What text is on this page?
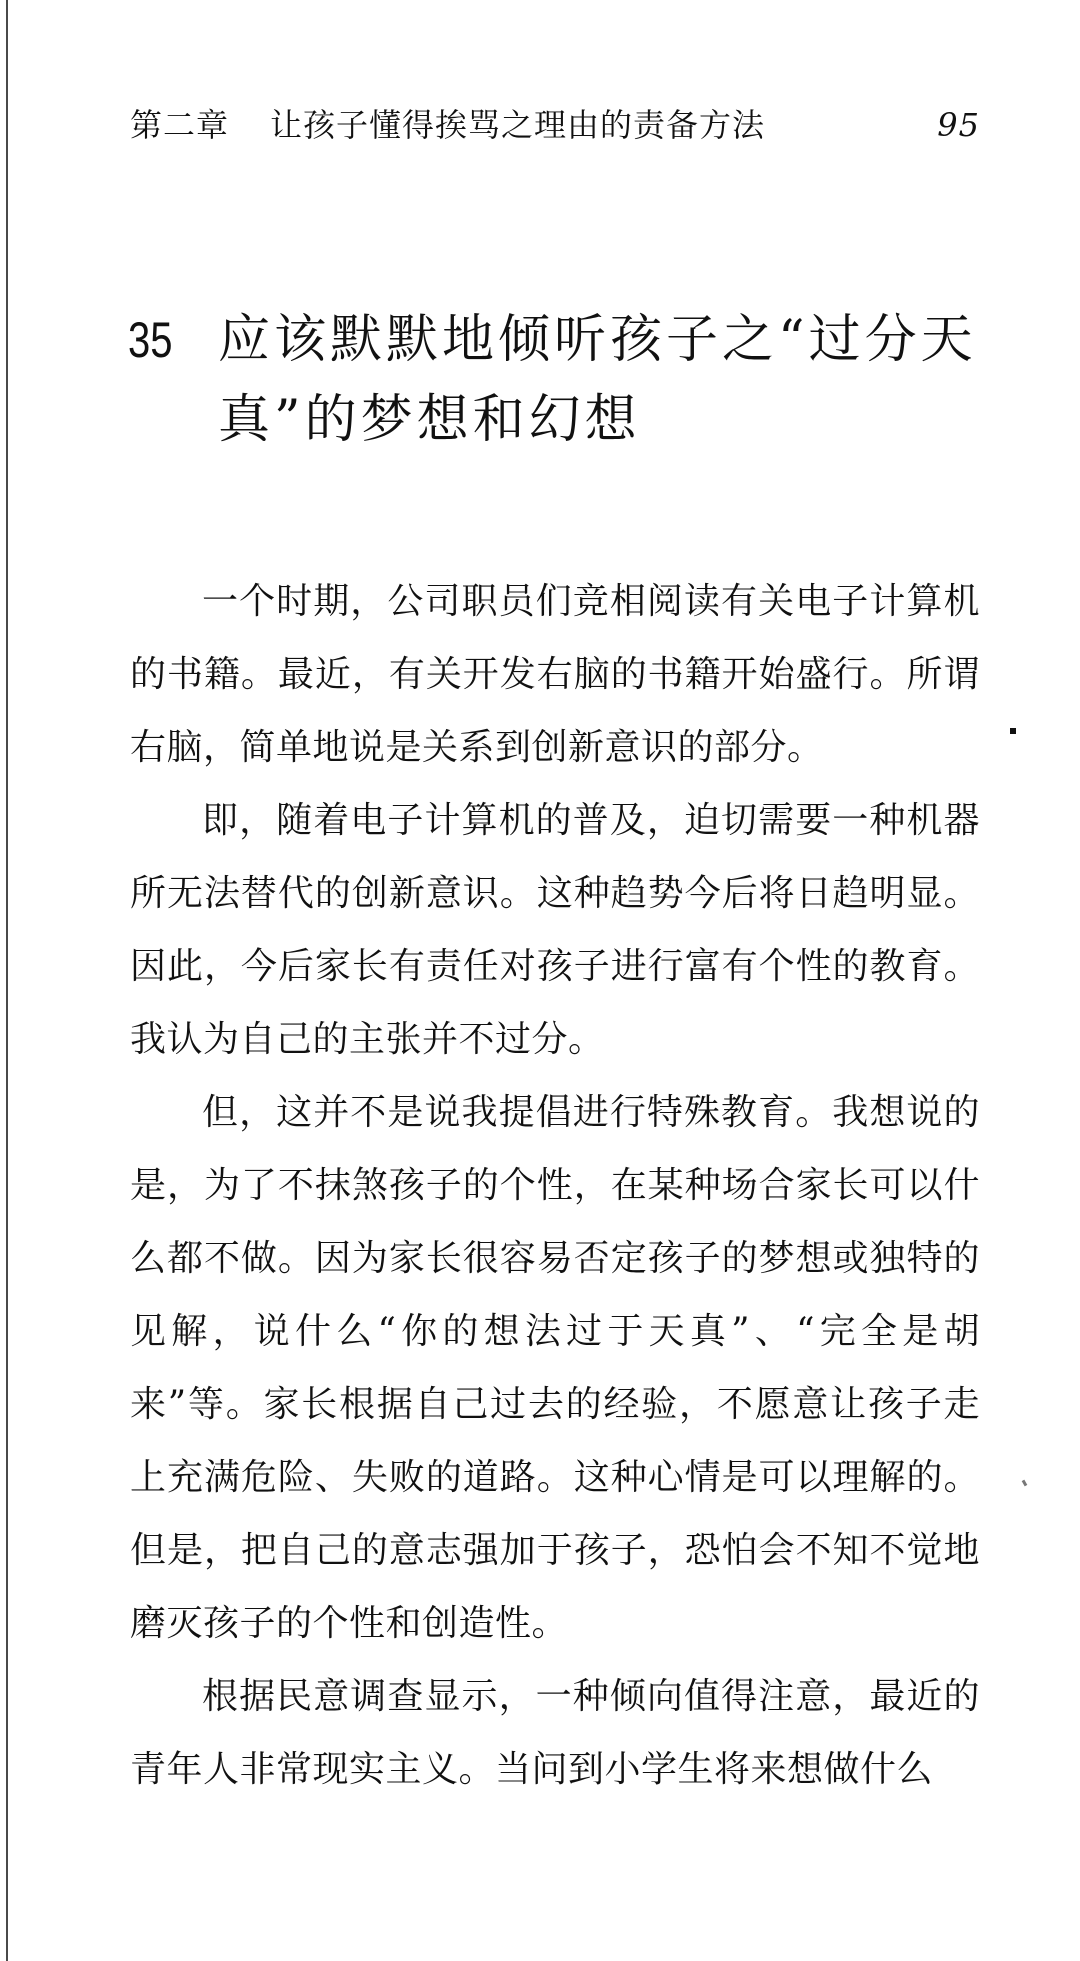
第二章 让孩子懂得挨骂之理由的责备方法	95
35 应该默默地倾听孩子之“过分天真”的梦想和幻想

一个时期，公司职员们竞相阅读有关电子计算机的书籍。最近，有关开发右脑的书籍开始盛行。所谓右脑，简单地说是关系到创新意识的部分。

即，随着电子计算机的普及，迫切需要一种机器所无法替代的创新意识。这种趋势今后将日趋明显。因此，今后家长有责任对孩子进行富有个性的教育。我认为自己的主张并不过分。

但，这并不是说我提倡进行特殊教育。我想说的是，为了不抹煞孩子的个性，在某种场合家长可以什么都不做。因为家长很容易否定孩子的梦想或独特的见解，说什么“你的想法过于天真”、“完全是胡来”等。家长根据自己过去的经验，不愿意让孩子走上充满危险、失败的道路。这种心情是可以理解的。但是，把自己的意志强加于孩子，恐怕会不知不觉地磨灭孩子的个性和创造性。

根据民意调查显示，一种倾向值得注意，最近的青年人非常现实主义。当问到小学生将来想做什么
